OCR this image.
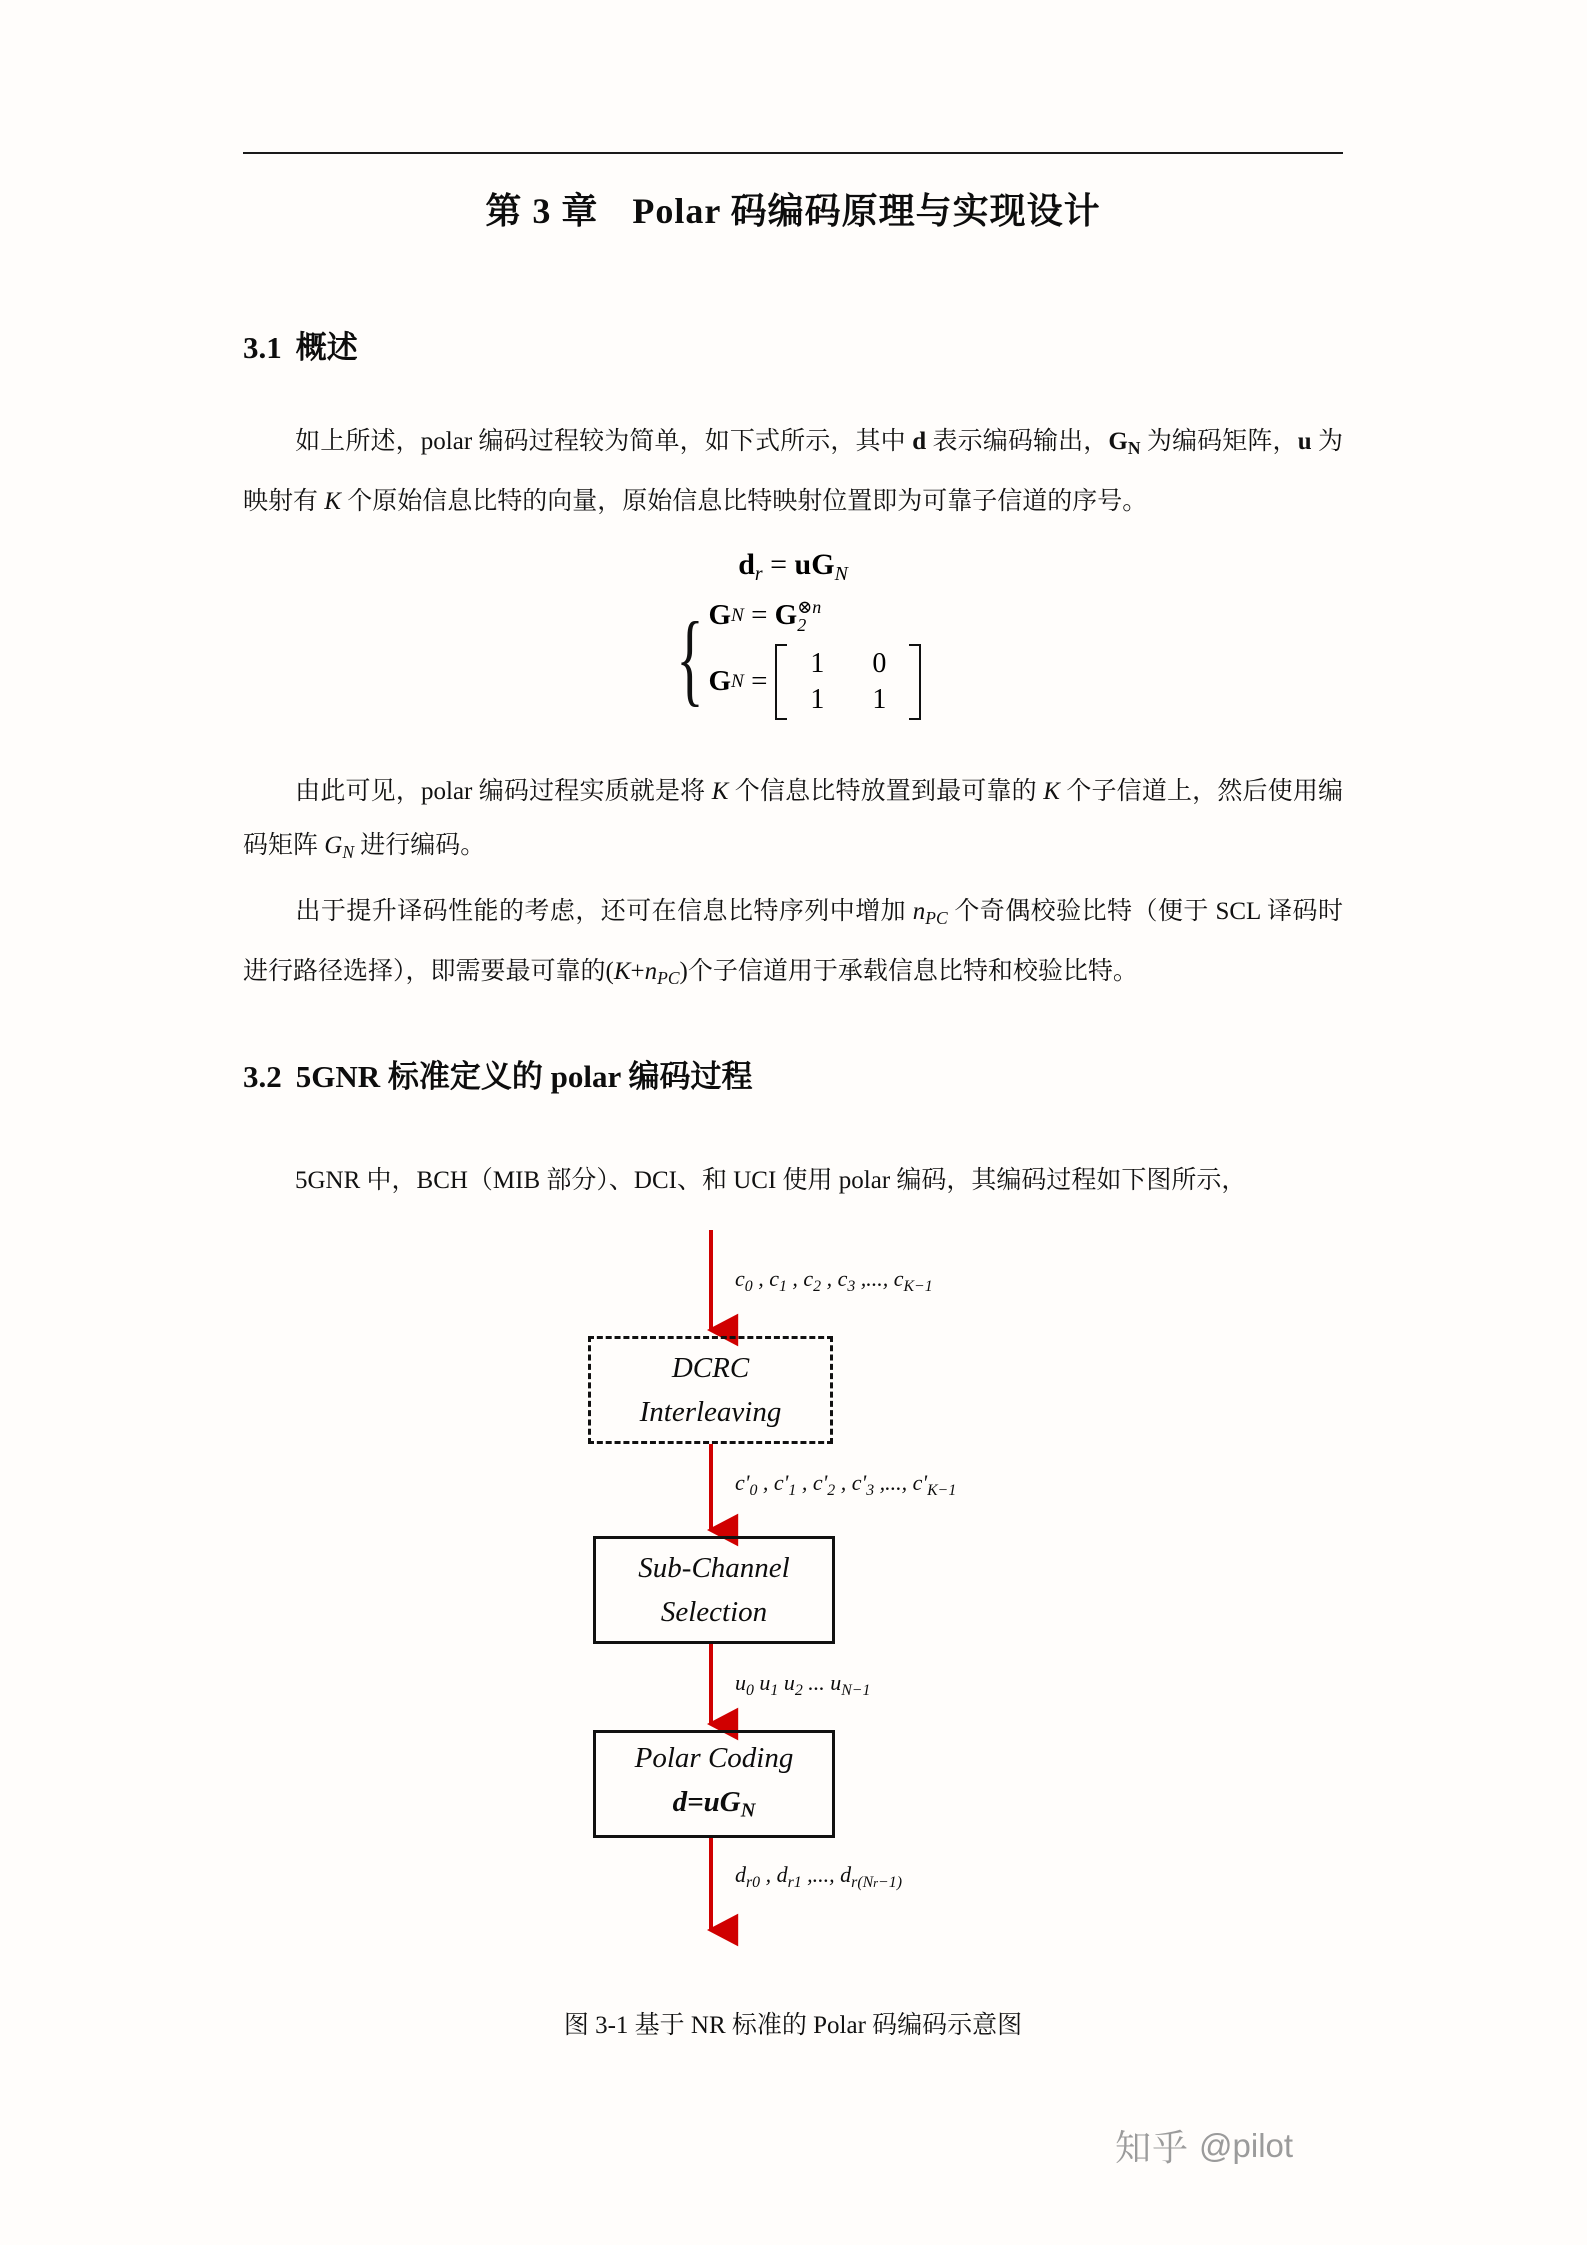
第 3 章 Polar 码编码原理与实现设计
3.1 概述
如上所述，polar 编码过程较为简单，如下式所示，其中 d 表示编码输出，$G_N$ 为编码矩阵，u 为映射有 K 个原始信息比特的向量，原始信息比特映射位置即为可靠子信道的序号。
dr = uGN
{ G N
=
G ⊗n
2
G N
=
1	0
1	1
由此可见，polar 编码过程实质就是将 K 个信息比特放置到最可靠的 K 个子信道上，然后使用编码矩阵 $G_N$ 进行编码。
出于提升译码性能的考虑，还可在信息比特序列中增加 $n_{PC}$ 个奇偶校验比特（便于 SCL 译码时进行路径选择），即需要最可靠的$(K+n_{PC})$个子信道用于承载信息比特和校验比特。
3.2 5GNR 标准定义的 polar 编码过程
5GNR 中，BCH（MIB 部分）、DCI、和 UCI 使用 polar 编码，其编码过程如下图所示，
DCRC
Interleaving
Sub-Channel
Selection
Polar Coding
$d=uG_N$
$c_0$ , $c_1$ , $c_2$ , $c_3$ ,..., $c_{K-1}$
$c'_0$ , $c'_1$ , $c'_2$ , $c'_3$ ,..., $c'_{K-1}$
$u_0$ $u_1$ $u_2$ ... $u_{N-1}$
$d_{r0}$ , $d_{r1}$ ,..., $d_{r(Nr-1)}$
图 3-1 基于 NR 标准的 Polar 码编码示意图
知乎 @pilot
